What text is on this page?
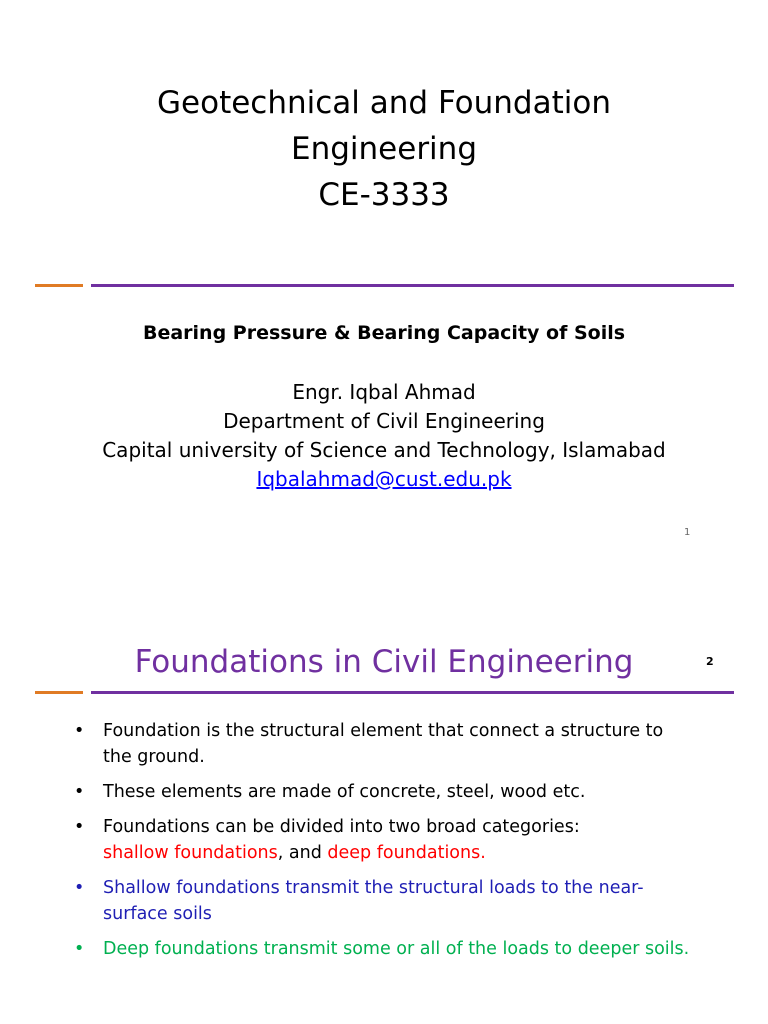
Geotechnical and Foundation
Engineering
CE-3333
Bearing Pressure & Bearing Capacity of Soils
Engr. Iqbal Ahmad
Department of Civil Engineering
Capital university of Science and Technology, Islamabad
Iqbalahmad@cust.edu.pk
1
Foundations in Civil Engineering	2
• Foundation is the structural element that connect a structure to the ground.
• These elements are made of concrete, steel, wood etc.
• Foundations can be divided into two broad categories:
shallow foundations, and deep foundations.
• Shallow foundations transmit the structural loads to the near-surface soils
• Deep foundations transmit some or all of the loads to deeper soils.
